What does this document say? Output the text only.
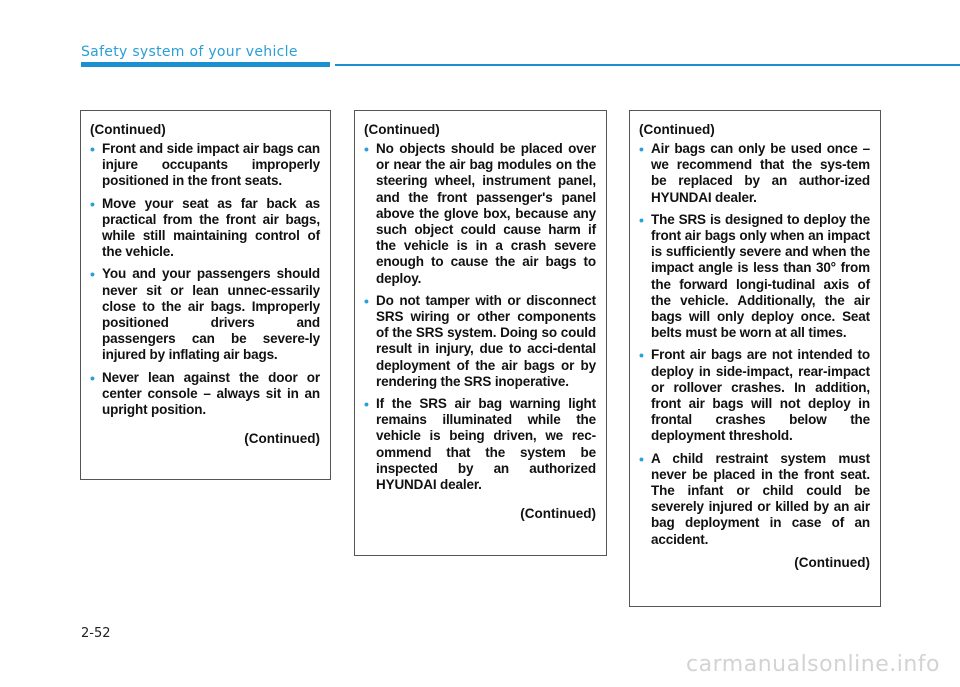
Safety system of your vehicle
(Continued)
• Front and side impact air bags can injure occupants improperly positioned in the front seats.
• Move your seat as far back as practical from the front air bags, while still maintaining control of the vehicle.
• You and your passengers should never sit or lean unnec-essarily close to the air bags. Improperly positioned drivers and passengers can be severe-ly injured by inflating air bags.
• Never lean against the door or center console – always sit in an upright position.
(Continued)
(Continued)
• No objects should be placed over or near the air bag modules on the steering wheel, instrument panel, and the front passenger's panel above the glove box, because any such object could cause harm if the vehicle is in a crash severe enough to cause the air bags to deploy.
• Do not tamper with or disconnect SRS wiring or other components of the SRS system. Doing so could result in injury, due to acci-dental deployment of the air bags or by rendering the SRS inoperative.
• If the SRS air bag warning light remains illuminated while the vehicle is being driven, we rec-ommend that the system be inspected by an authorized HYUNDAI dealer.
(Continued)
(Continued)
• Air bags can only be used once – we recommend that the sys-tem be replaced by an author-ized HYUNDAI dealer.
• The SRS is designed to deploy the front air bags only when an impact is sufficiently severe and when the impact angle is less than 30° from the forward longi-tudinal axis of the vehicle. Additionally, the air bags will only deploy once. Seat belts must be worn at all times.
• Front air bags are not intended to deploy in side-impact, rear-impact or rollover crashes. In addition, front air bags will not deploy in frontal crashes below the deployment threshold.
• A child restraint system must never be placed in the front seat. The infant or child could be severely injured or killed by an air bag deployment in case of an accident.
(Continued)
2-52
carmanualsonline.info
